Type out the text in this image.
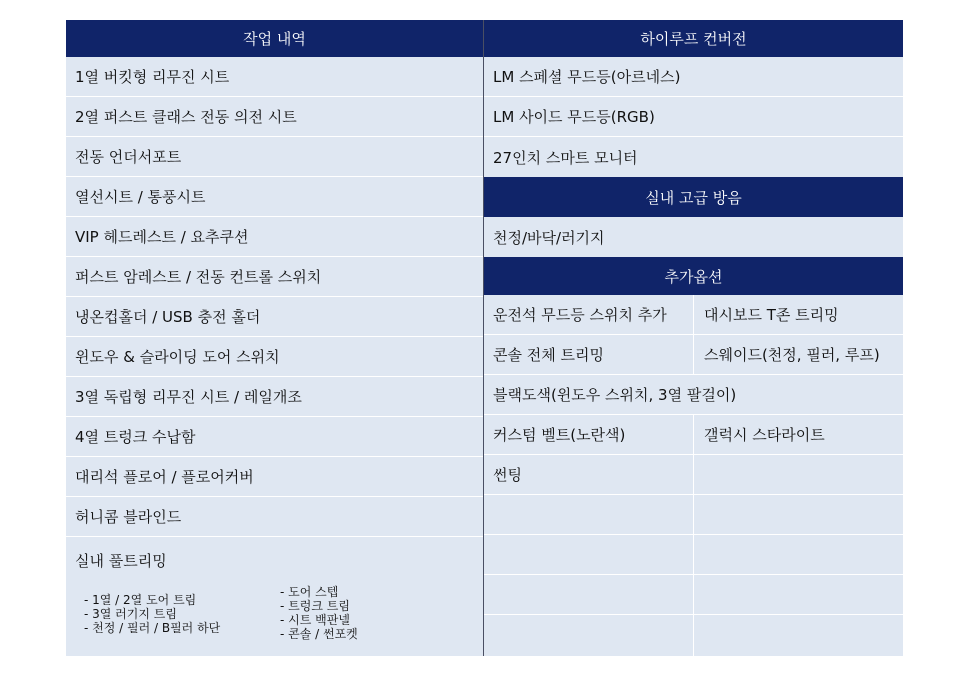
작업 내역
1열 버킷형 리무진 시트
2열 퍼스트 클래스 전동 의전 시트
전동 언더서포트
열선시트 / 통풍시트
VIP 헤드레스트 / 요추쿠션
퍼스트 암레스트 / 전동 컨트롤 스위치
냉온컵홀더 / USB 충전 홀더
윈도우 & 슬라이딩 도어 스위치
3열 독립형 리무진 시트 / 레일개조
4열 트렁크 수납함
대리석 플로어 / 플로어커버
허니콤 블라인드
실내 풀트리밍
- 1열 / 2열 도어 트림
- 3열 러기지 트림
- 천정 / 필러 / B필러 하단
- 도어 스텝
- 트렁크 트림
- 시트 백판넬
- 콘솔 / 썬포켓
하이루프 컨버전
LM 스페셜 무드등(아르네스)
LM 사이드 무드등(RGB)
27인치 스마트 모니터
실내 고급 방음
천정/바닥/러기지
추가옵션
운전석 무드등 스위치 추가	대시보드 T존 트리밍
콘솔 전체 트리밍	스웨이드(천정, 필러, 루프)
블랙도색(윈도우 스위치, 3열 팔걸이)
커스텀 벨트(노란색)	갤럭시 스타라이트
썬팅
